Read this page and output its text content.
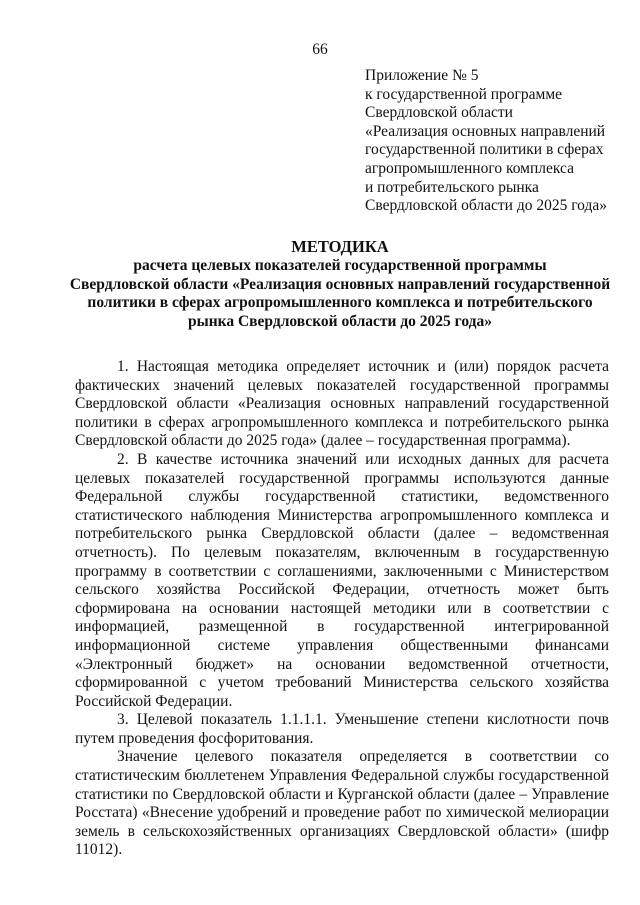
66
Приложение № 5
к государственной программе
Свердловской области
«Реализация основных направлений
государственной политики в сферах
агропромышленного комплекса
и потребительского рынка
Свердловской области до 2025 года»
МЕТОДИКА
расчета целевых показателей государственной программы
Свердловской области «Реализация основных направлений государственной
политики в сферах агропромышленного комплекса и потребительского
рынка Свердловской области до 2025 года»

1. Настоящая методика определяет источник и (или) порядок расчета фактических значений целевых показателей государственной программы Свердловской области «Реализация основных направлений государственной политики в сферах агропромышленного комплекса и потребительского рынка Свердловской области до 2025 года» (далее – государственная программа).

2. В качестве источника значений или исходных данных для расчета целевых показателей государственной программы используются данные Федеральной службы государственной статистики, ведомственного статистического наблюдения Министерства агропромышленного комплекса и потребительского рынка Свердловской области (далее – ведомственная отчетность). По целевым показателям, включенным в государственную программу в соответствии с соглашениями, заключенными с Министерством сельского хозяйства Российской Федерации, отчетность может быть сформирована на основании настоящей методики или в соответствии с информацией, размещенной в государственной интегрированной информационной системе управления общественными финансами «Электронный бюджет» на основании ведомственной отчетности, сформированной с учетом требований Министерства сельского хозяйства Российской Федерации.

3. Целевой показатель 1.1.1.1. Уменьшение степени кислотности почв путем проведения фосфоритования.

Значение целевого показателя определяется в соответствии со статистическим бюллетенем Управления Федеральной службы государственной статистики по Свердловской области и Курганской области (далее – Управление Росстата) «Внесение удобрений и проведение работ по химической мелиорации земель в сельскохозяйственных организациях Свердловской области» (шифр 11012).
